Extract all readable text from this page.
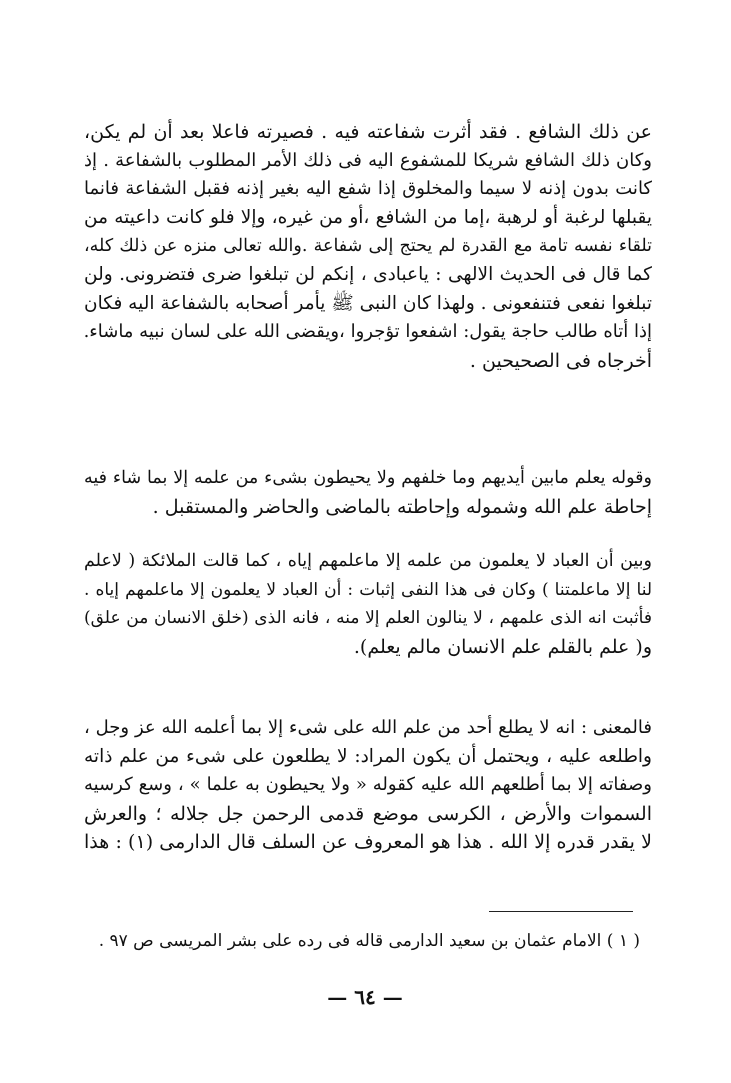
عن ذلك الشافع . فقد أثرت شفاعته فيه . فصيرته فاعلا بعد أن لم يكن،
وكان ذلك الشافع شريكا للمشفوع اليه فى ذلك الأمر المطلوب بالشفاعة . إذ
كانت بدون إذنه لا سيما والمخلوق إذا شفع اليه بغير إذنه فقبل الشفاعة فانما
يقبلها لرغبة أو لرهبة ،إما من الشافع ،أو من غيره، وإلا فلو كانت داعيته من
تلقاء نفسه تامة مع القدرة لم يحتج إلى شفاعة .والله تعالى منزه عن ذلك كله،
كما قال فى الحديث الالهى : ياعبادى ، إنكم لن تبلغوا ضرى فتضرونى. ولن
تبلغوا نفعى فتنفعونى . ولهذا كان النبى ﷺ يأمر أصحابه بالشفاعة اليه فكان
إذا أتاه طالب حاجة يقول: اشفعوا تؤجروا ،ويقضى الله على لسان نبيه ماشاء.
أخرجاه فى الصحيحين .
وقوله يعلم مابين أيديهم وما خلفهم ولا يحيطون بشىء من علمه إلا بما شاء فيه
إحاطة علم الله وشموله وإحاطته بالماضى والحاضر والمستقبل .
وبين أن العباد لا يعلمون من علمه إلا ماعلمهم إياه ، كما قالت الملائكة ( لاعلم
لنا إلا ماعلمتنا ) وكان فى هذا النفى إثبات : أن العباد لا يعلمون إلا ماعلمهم إياه .
فأثبت انه الذى علمهم ، لا ينالون العلم إلا منه ، فانه الذى (خلق الانسان من علق)
و( علم بالقلم علم الانسان مالم يعلم).
فالمعنى : انه لا يطلع أحد من علم الله على شىء إلا بما أعلمه الله عز وجل ،
واطلعه عليه ، ويحتمل أن يكون المراد: لا يطلعون على شىء من علم ذاته
وصفاته إلا بما أطلعهم الله عليه كقوله « ولا يحيطون به علما » ، وسع كرسيه
السموات والأرض ، الكرسى موضع قدمى الرحمن جل جلاله ؛ والعرش
لا يقدر قدره إلا الله . هذا هو المعروف عن السلف قال الدارمى (١) : هذا
( ١ ) الامام عثمان بن سعيد الدارمى قاله فى رده على بشر المريسى ص ٩٧ .
— ٦٤ —
